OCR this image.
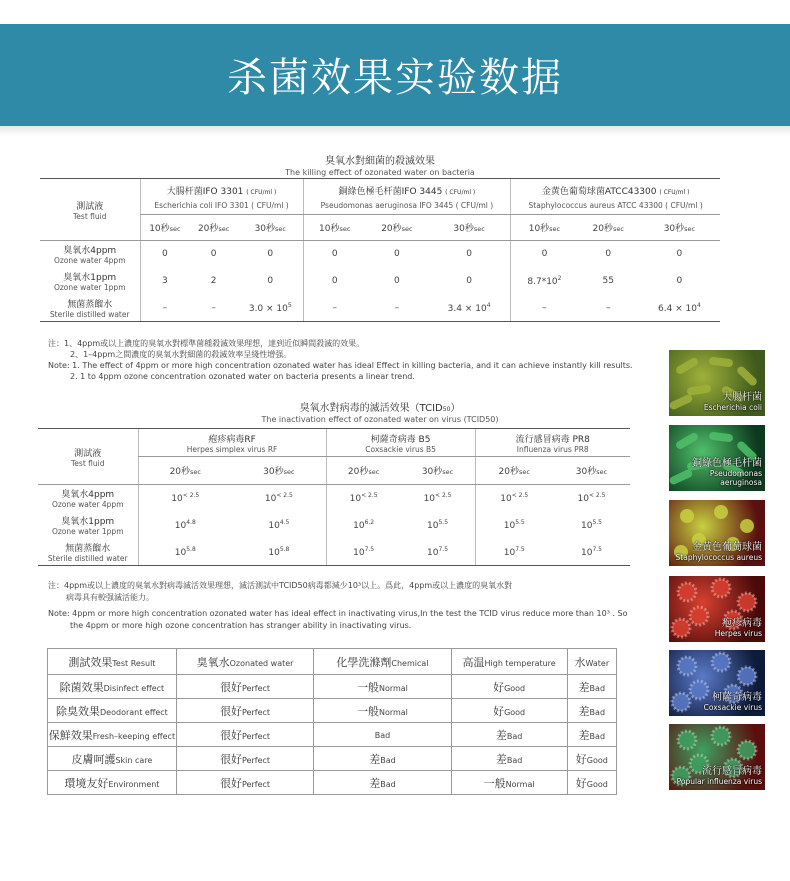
杀菌效果实验数据
臭氧水對細菌的殺滅效果
The killing effect of ozonated water on bacteria
測試液
Test fluid	大腸杆菌IFO 3301 ( CFU/ml )
Escherichia coli IFO 3301 ( CFU/ml )			銅綠色極毛杆菌IFO 3445 ( CFU/ml )
Pseudomonas aeruginosa IFO 3445 ( CFU/ml )			金黄色葡萄球菌ATCC43300 ( CFU/ml )
Staphylococcus aureus ATCC 43300 ( CFU/ml )		

	10秒sec	20秒sec	30秒sec	10秒sec	20秒sec	30秒sec	10秒sec	20秒sec	30秒sec

臭氧水4ppm
Ozone water 4ppm	0	0	0	0	0	0	0	0	0

臭氧水1ppm
Ozone water 1ppm	3	2	0	0	0	0	$8.7*10^2$	55	0

無菌蒸餾水
Sterile distilled water	–	–	$3.0 \times 10^5$	–	–	$3.4 \times 10^4$	–	–	$6.4 \times 10^4$
注：1、4ppm或以上濃度的臭氧水對標準菌種殺滅效果理想，達到近似瞬間殺滅的效果。
2、1–4ppm之間濃度的臭氧水對細菌的殺滅效率呈綫性增强。
Note: 1. The effect of 4ppm or more high concentration ozonated water has ideal Effect in killing bacteria, and it can achieve instantly kill results.
2. 1 to 4ppm ozone concentration ozonated water on bacteria presents a linear trend.
臭氧水對病毒的滅活效果（TCID50）
The inactivation effect of ozonated water on virus (TCID50)
測試液
Test fluid	疱疹病毒RF
Herpes simplex virus RF		柯薩奇病毒 B5
Coxsackie virus B5		流行感冒病毒 PR8
Influenza virus PR8	

	20秒sec	30秒sec	20秒sec	30秒sec	20秒sec	30秒sec

臭氧水4ppm
Ozone water 4ppm	$10^{< 2.5}$	$10^{< 2.5}$	$10^{< 2.5}$	$10^{< 2.5}$	$10^{< 2.5}$	$10^{< 2.5}$

臭氧水1ppm
Ozone water 1ppm	$10^{4.8}$	$10^{4.5}$	$10^{6.2}$	$10^{5.5}$	$10^{5.5}$	$10^{5.5}$

無菌蒸餾水
Sterile distilled water	$10^{5.8}$	$10^{5.8}$	$10^{7.5}$	$10^{7.5}$	$10^{7.5}$	$10^{7.5}$
注：4ppm或以上濃度的臭氧水對病毒滅活效果理想，滅活測試中TCID50病毒都減少10³以上。爲此，4ppm或以上濃度的臭氧水對
病毒具有較强滅活能力。
Note: 4ppm or more high concentration ozonated water has ideal effect in inactivating virus,In the test the TCID virus reduce more than 10³ . So
the 4ppm or more high ozone concentration has stranger ability in inactivating virus.
測試效果Test Result	臭氧水Ozonated water	化學洗滌劑Chemical	高温High temperature	水Water
除菌效果Disinfect effect	很好Perfect	一般Normal	好Good	差Bad
除臭效果Deodorant effect	很好Perfect	一般Normal	好Good	差Bad
保鮮效果Fresh–keeping effect	很好Perfect	Bad	差Bad	差Bad
皮膚呵護Skin care	很好Perfect	差Bad	差Bad	好Good
環境友好Environment	很好Perfect	差Bad	一般Normal	好Good
大腸杆菌
Escherichia coli
銅綠色極毛杆菌
Pseudomonas aeruginosa
金黄色葡萄球菌
Staphylococcus aureus
疱疹病毒
Herpes virus
柯薩奇病毒
Coxsackie virus
流行感冒病毒
Popular influenza virus
